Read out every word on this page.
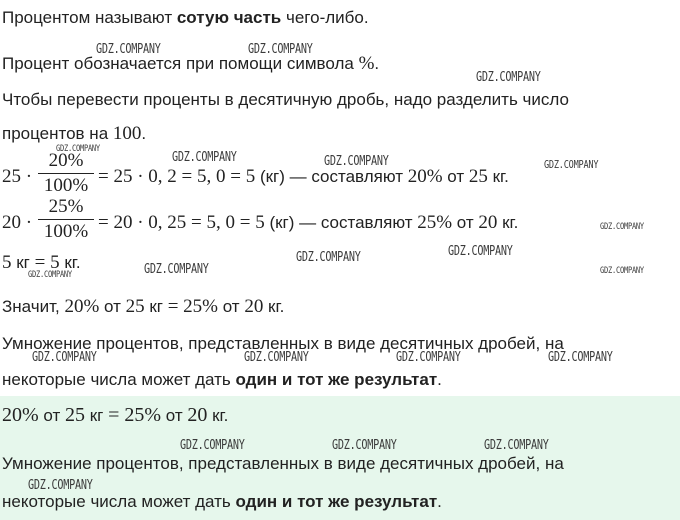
Процентом называют сотую часть чего-либо.
Процент обозначается при помощи символа %.
Чтобы перевести проценты в десятичную дробь, надо разделить число
процентов на 100.
25 ·
20%
100% = 25 · 0, 2 = 5, 0 = 5 (кг) — составляют 20% от 25 кг.
20 ·
25%
100% = 20 · 0, 25 = 5, 0 = 5 (кг) — составляют 25% от 20 кг.
5 кг = 5 кг.
Значит, 20% от 25 кг = 25% от 20 кг.
Умножение процентов, представленных в виде десятичных дробей, на
некоторые числа может дать один и тот же результат.
20% от 25 кг = 25% от 20 кг.
Умножение процентов, представленных в виде десятичных дробей, на
некоторые числа может дать один и тот же результат.
GDZ.COMPANY	GDZ.COMPANY
GDZ.COMPANY
GDZ.COMPANY
GDZ.COMPANY	GDZ.COMPANY	GDZ.COMPANY
GDZ.COMPANY
GDZ.COMPANY
GDZ.COMPANY
GDZ.COMPANY
GDZ.COMPANY	GDZ.COMPANY
GDZ.COMPANY	GDZ.COMPANY	GDZ.COMPANY	GDZ.COMPANY
GDZ.COMPANY	GDZ.COMPANY	GDZ.COMPANY
GDZ.COMPANY
